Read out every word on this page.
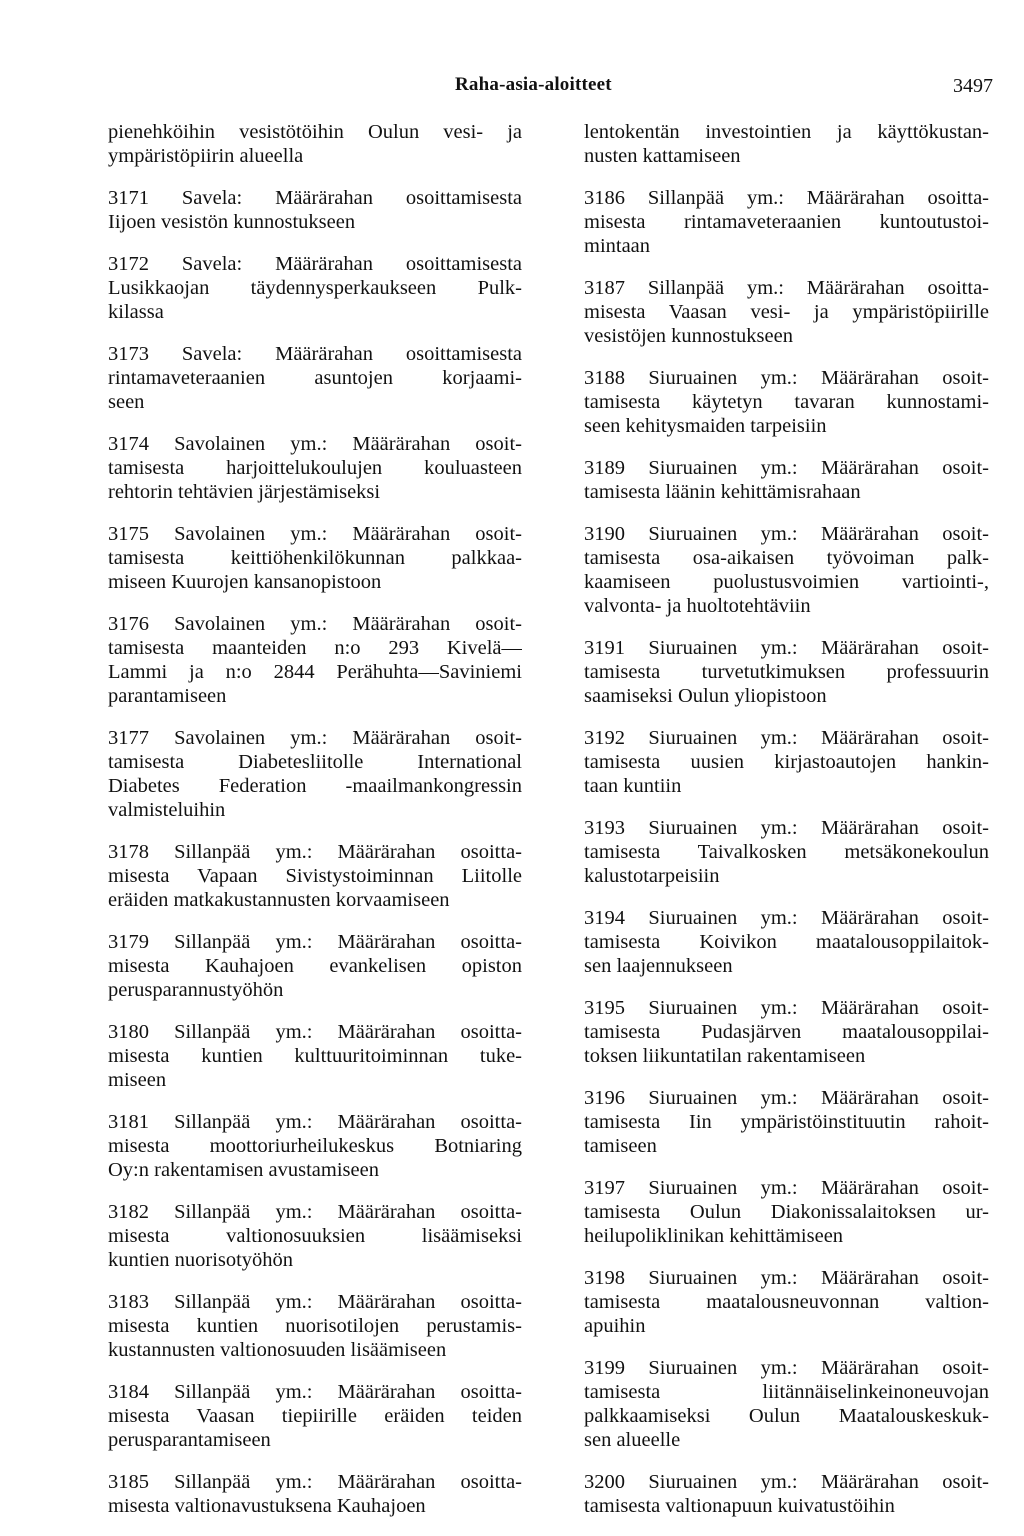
Raha-asia-aloitteet	3497
pienehköihin vesistötöihin Oulun vesi- ja
ympäristöpiirin alueella
3171 Savela: Määrärahan osoittamisesta
Iijoen vesistön kunnostukseen
3172 Savela: Määrärahan osoittamisesta
Lusikkaojan täydennysperkaukseen Pulk-
kilassa
3173 Savela: Määrärahan osoittamisesta
rintamaveteraanien asuntojen korjaami-
seen
3174 Savolainen ym.: Määrärahan osoit-
tamisesta harjoittelukoulujen kouluasteen
rehtorin tehtävien järjestämiseksi
3175 Savolainen ym.: Määrärahan osoit-
tamisesta keittiöhenkilökunnan palkkaa-
miseen Kuurojen kansanopistoon
3176 Savolainen ym.: Määrärahan osoit-
tamisesta maanteiden n:o 293 Kivelä—
Lammi ja n:o 2844 Perähuhta—Saviniemi
parantamiseen
3177 Savolainen ym.: Määrärahan osoit-
tamisesta Diabetesliitolle International
Diabetes Federation -maailmankongressin
valmisteluihin
3178 Sillanpää ym.: Määrärahan osoitta-
misesta Vapaan Sivistystoiminnan Liitolle
eräiden matkakustannusten korvaamiseen
3179 Sillanpää ym.: Määrärahan osoitta-
misesta Kauhajoen evankelisen opiston
perusparannustyöhön
3180 Sillanpää ym.: Määrärahan osoitta-
misesta kuntien kulttuuritoiminnan tuke-
miseen
3181 Sillanpää ym.: Määrärahan osoitta-
misesta moottoriurheilukeskus Botniaring
Oy:n rakentamisen avustamiseen
3182 Sillanpää ym.: Määrärahan osoitta-
misesta valtionosuuksien lisäämiseksi
kuntien nuorisotyöhön
3183 Sillanpää ym.: Määrärahan osoitta-
misesta kuntien nuorisotilojen perustamis-
kustannusten valtionosuuden lisäämiseen
3184 Sillanpää ym.: Määrärahan osoitta-
misesta Vaasan tiepiirille eräiden teiden
perusparantamiseen
3185 Sillanpää ym.: Määrärahan osoitta-
misesta valtionavustuksena Kauhajoen
lentokentän investointien ja käyttökustan-
nusten kattamiseen
3186 Sillanpää ym.: Määrärahan osoitta-
misesta rintamaveteraanien kuntoutustoi-
mintaan
3187 Sillanpää ym.: Määrärahan osoitta-
misesta Vaasan vesi- ja ympäristöpiirille
vesistöjen kunnostukseen
3188 Siuruainen ym.: Määrärahan osoit-
tamisesta käytetyn tavaran kunnostami-
seen kehitysmaiden tarpeisiin
3189 Siuruainen ym.: Määrärahan osoit-
tamisesta läänin kehittämisrahaan
3190 Siuruainen ym.: Määrärahan osoit-
tamisesta osa-aikaisen työvoiman palk-
kaamiseen puolustusvoimien vartiointi-,
valvonta- ja huoltotehtäviin
3191 Siuruainen ym.: Määrärahan osoit-
tamisesta turvetutkimuksen professuurin
saamiseksi Oulun yliopistoon
3192 Siuruainen ym.: Määrärahan osoit-
tamisesta uusien kirjastoautojen hankin-
taan kuntiin
3193 Siuruainen ym.: Määrärahan osoit-
tamisesta Taivalkosken metsäkonekoulun
kalustotarpeisiin
3194 Siuruainen ym.: Määrärahan osoit-
tamisesta Koivikon maatalousoppilaitok-
sen laajennukseen
3195 Siuruainen ym.: Määrärahan osoit-
tamisesta Pudasjärven maatalousoppilai-
toksen liikuntatilan rakentamiseen
3196 Siuruainen ym.: Määrärahan osoit-
tamisesta Iin ympäristöinstituutin rahoit-
tamiseen
3197 Siuruainen ym.: Määrärahan osoit-
tamisesta Oulun Diakonissalaitoksen ur-
heilupoliklinikan kehittämiseen
3198 Siuruainen ym.: Määrärahan osoit-
tamisesta maatalousneuvonnan valtion-
apuihin
3199 Siuruainen ym.: Määrärahan osoit-
tamisesta liitännäiselinkeinoneuvojan
palkkaamiseksi Oulun Maatalouskeskuk-
sen alueelle
3200 Siuruainen ym.: Määrärahan osoit-
tamisesta valtionapuun kuivatustöihin
